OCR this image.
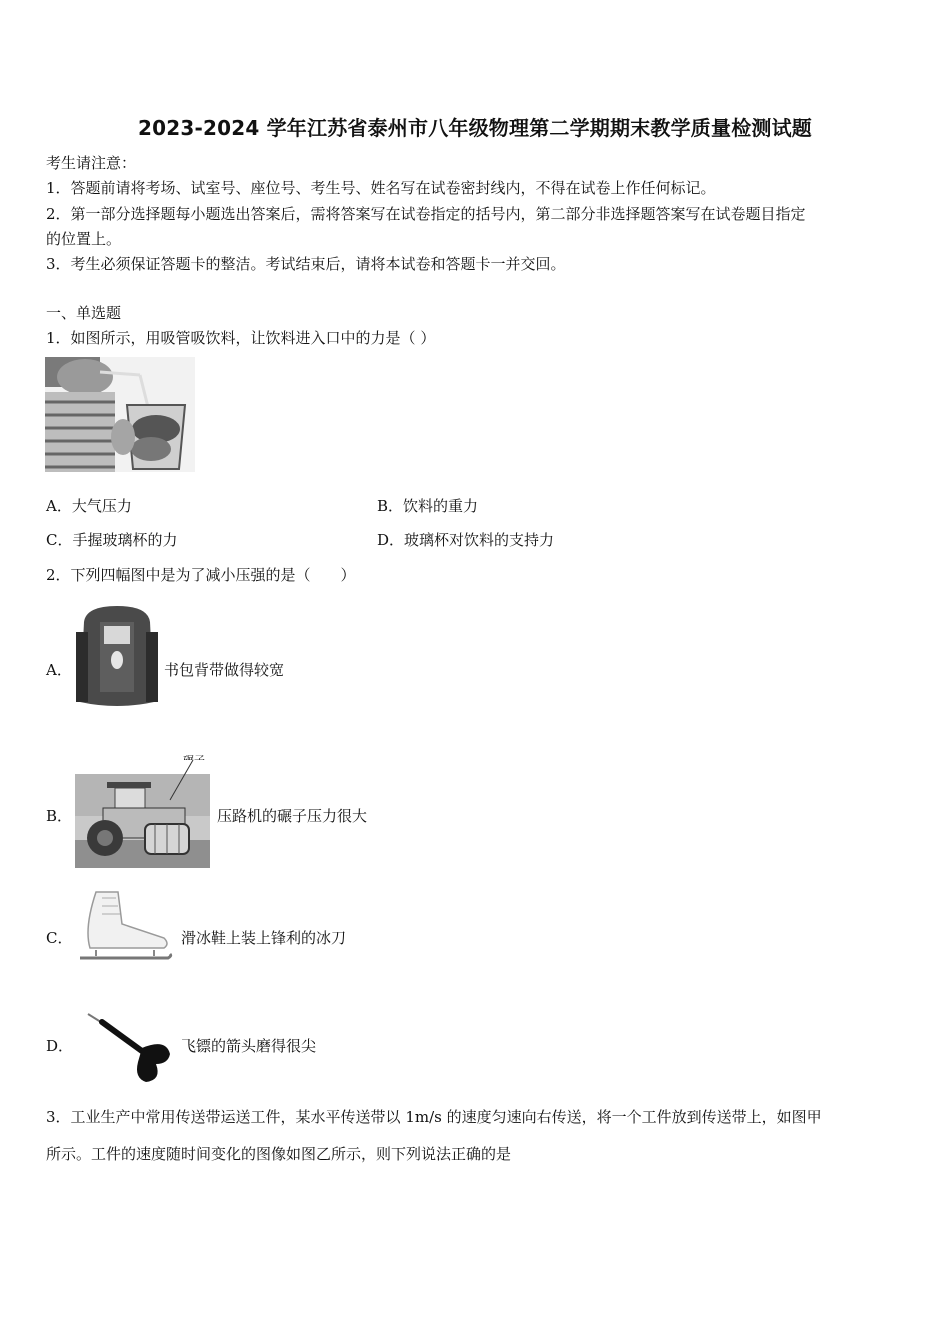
2023-2024 学年江苏省泰州市八年级物理第二学期期末教学质量检测试题
考生请注意：
1．答题前请将考场、试室号、座位号、考生号、姓名写在试卷密封线内，不得在试卷上作任何标记。
2．第一部分选择题每小题选出答案后，需将答案写在试卷指定的括号内，第二部分非选择题答案写在试卷题目指定
的位置上。
3．考生必须保证答题卡的整洁。考试结束后，请将本试卷和答题卡一并交回。
一、单选题
1．如图所示，用吸管吸饮料，让饮料进入口中的力是（ ）
A．大气压力	B．饮料的重力
C．手握玻璃杯的力	D．玻璃杯对饮料的支持力
2．下列四幅图中是为了减小压强的是（　　）
A．	书包背带做得较宽
B．	压路机的碾子压力很大
C．	滑冰鞋上装上锋利的冰刀
D．	飞镖的箭头磨得很尖
3．工业生产中常用传送带运送工件，某水平传送带以 1m/s 的速度匀速向右传送，将一个工件放到传送带上，如图甲
所示。工件的速度随时间变化的图像如图乙所示，则下列说法正确的是
